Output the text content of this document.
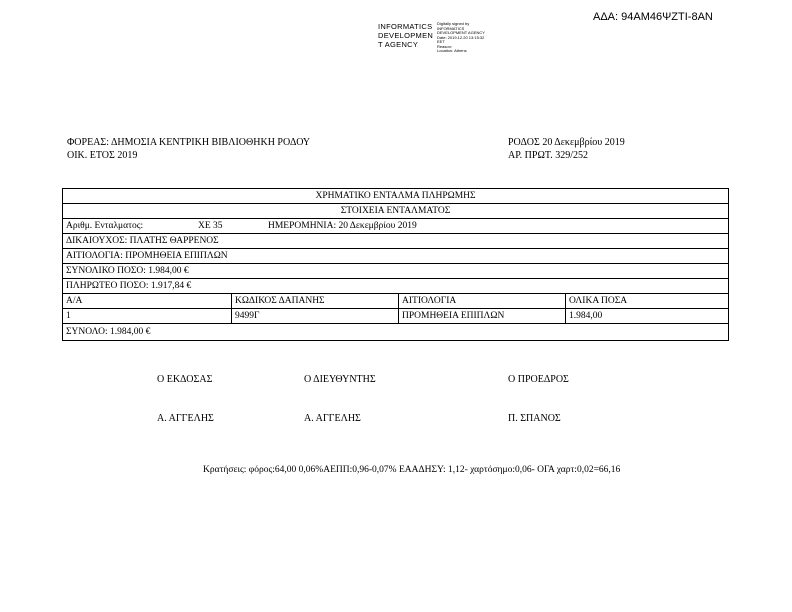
ΑΔΑ: 94ΑΜ46ΨΖΤΙ-8ΑΝ
INFORMATICS
DEVELOPMEN
T AGENCY
Digitally signed by
INFORMATICS
DEVELOPMENT AGENCY
Date: 2019.12.20 13:15:32
EET
Reason:
Location: Athens
ΦΟΡΕΑΣ: ΔΗΜΟΣΙΑ ΚΕΝΤΡΙΚΗ ΒΙΒΛΙΟΘΗΚΗ ΡΟΔΟΥ
ΟΙΚ. ΕΤΟΣ 2019
ΡΟΔΟΣ 20 Δεκεμβρίου 2019
ΑΡ. ΠΡΩΤ. 329/252
ΧΡΗΜΑΤΙΚΟ ΕΝΤΑΛΜΑ ΠΛΗΡΩΜΗΣ			
ΣΤΟΙΧΕΙΑ ΕΝΤΑΛΜΑΤΟΣ			
Αριθμ. Ενταλματος: ΧΕ 35 ΗΜΕΡΟΜΗΝΙΑ: 20 Δεκεμβρίου 2019			
ΔΙΚΑΙΟΥΧΟΣ: ΠΛΑΤΗΣ ΘΑΡΡΕΝΟΣ			
ΑΙΤΙΟΛΟΓΙΑ: ΠΡΟΜΗΘΕΙΑ ΕΠΙΠΛΩΝ			
ΣΥΝΟΛΙΚΟ ΠΟΣΟ: 1.984,00 €			
ΠΛΗΡΩΤΕΟ ΠΟΣΟ: 1.917,84 €			
Α/Α	ΚΩΔΙΚΟΣ ΔΑΠΑΝΗΣ	ΑΙΤΙΟΛΟΓΙΑ	ΟΛΙΚΑ ΠΟΣΑ
1	9499Γ	ΠΡΟΜΗΘΕΙΑ ΕΠΙΠΛΩΝ	1.984,00
ΣΥΝΟΛΟ: 1.984,00 €			
Ο ΕΚΔΟΣΑΣ	Ο ΔΙΕΥΘΥΝΤΗΣ	Ο ΠΡΟΕΔΡΟΣ
Α. ΑΓΓΕΛΗΣ	Α. ΑΓΓΕΛΗΣ	Π. ΣΠΑΝΟΣ
Κρατήσεις: φόρος:64,00 0,06%ΑΕΠΠ:0,96-0,07% ΕΑΑΔΗΣΥ: 1,12- χαρτόσημο:0,06- ΟΓΑ χαρτ:0,02=66,16
